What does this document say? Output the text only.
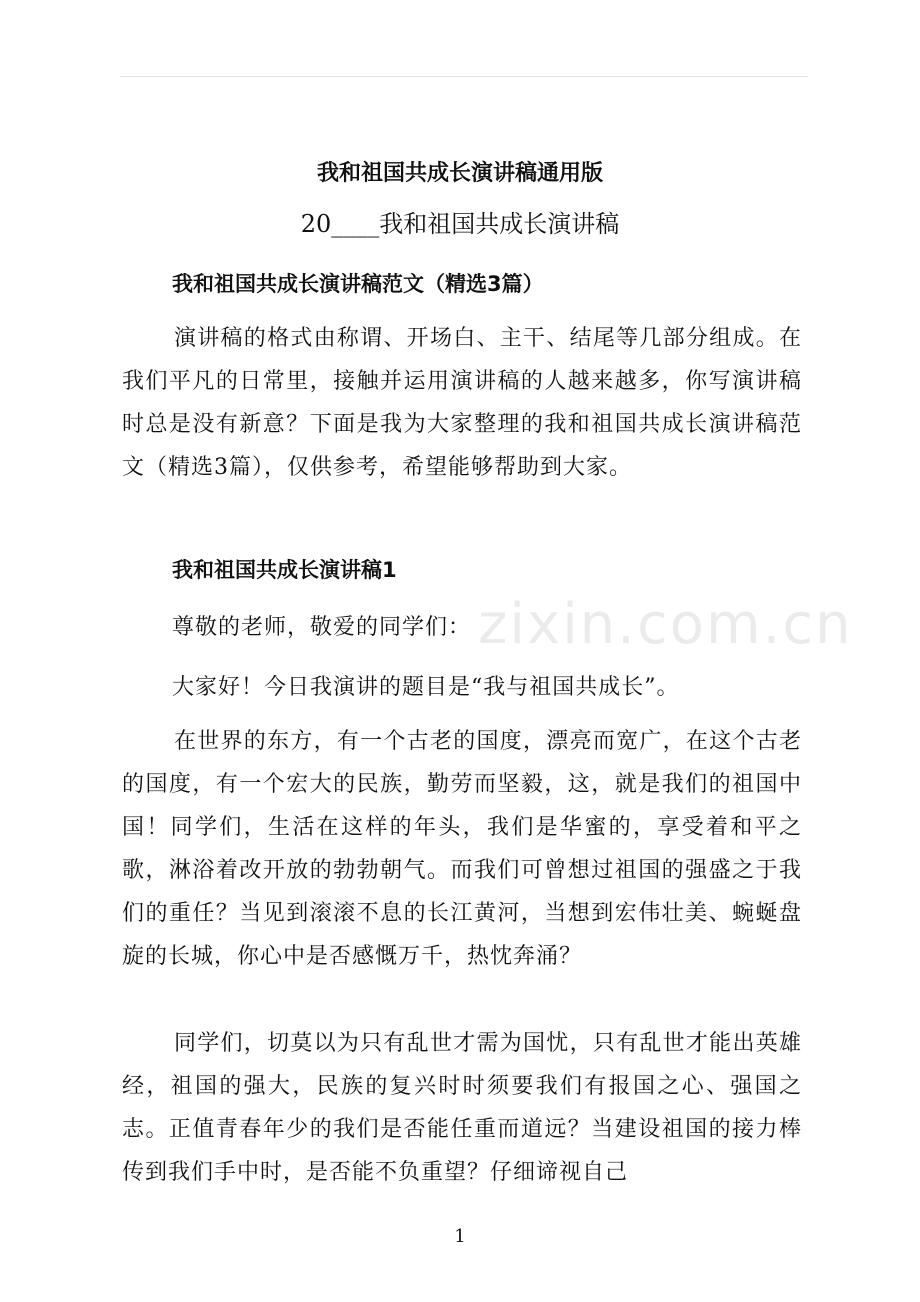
我和祖国共成长演讲稿通用版
20____我和祖国共成长演讲稿
我和祖国共成长演讲稿范文（精选3篇）

演讲稿的格式由称谓、开场白、主干、结尾等几部分组成。在我们平凡的日常里，接触并运用演讲稿的人越来越多，你写演讲稿时总是没有新意？下面是我为大家整理的我和祖国共成长演讲稿范文（精选3篇），仅供参考，希望能够帮助到大家。

我和祖国共成长演讲稿1
zixin.com.cn
尊敬的老师，敬爱的同学们：
大家好！今日我演讲的题目是“我与祖国共成长”。

在世界的东方，有一个古老的国度，漂亮而宽广，在这个古老的国度，有一个宏大的民族，勤劳而坚毅，这，就是我们的祖国中国！同学们，生活在这样的年头，我们是华蜜的，享受着和平之歌，淋浴着改开放的勃勃朝气。而我们可曾想过祖国的强盛之于我们的重任？当见到滚滚不息的长江黄河，当想到宏伟壮美、蜿蜒盘旋的长城，你心中是否感慨万千，热忱奔涌？

同学们，切莫以为只有乱世才需为国忧，只有乱世才能出英雄经，祖国的强大，民族的复兴时时须要我们有报国之心、强国之志。正值青春年少的我们是否能任重而道远？当建设祖国的接力棒传到我们手中时，是否能不负重望？仔细谛视自己

1
